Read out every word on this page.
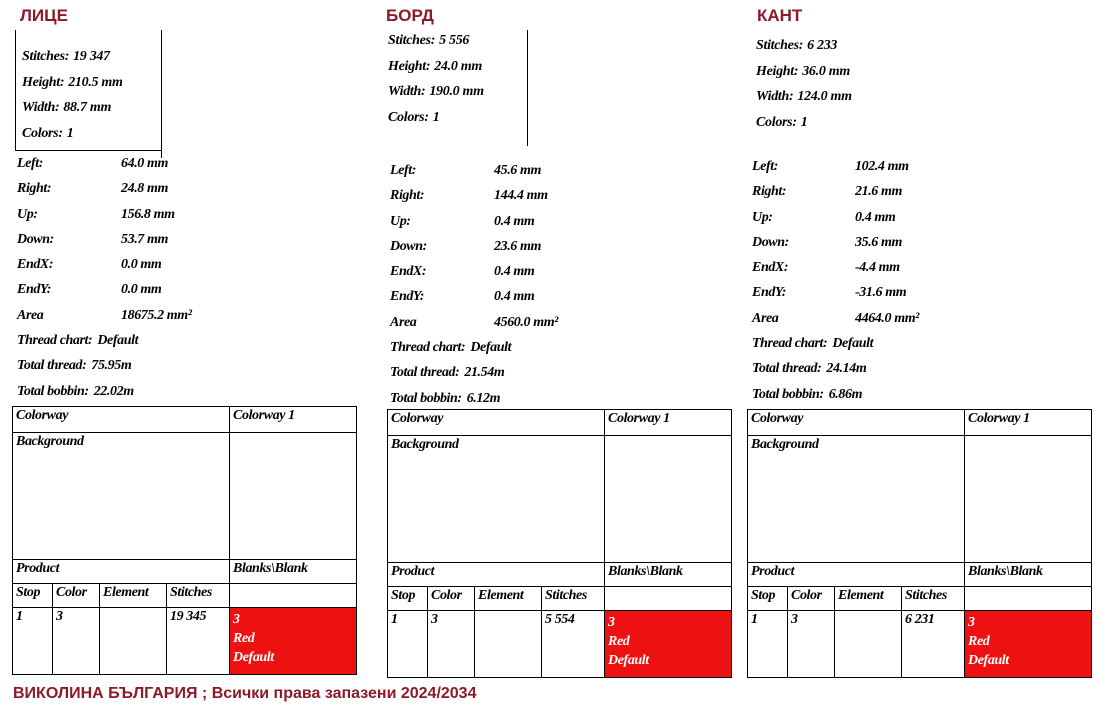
ЛИЦЕ
Stitches: 19 347
Height: 210.5 mm
Width: 88.7 mm
Colors: 1
Left:	64.0 mm
Right:	24.8 mm
Up:	156.8 mm
Down:	53.7 mm
EndX:	0.0 mm
EndY:	0.0 mm
Area	18675.2 mm²
Thread chart: Default
Total thread: 75.95m
Total bobbin: 22.02m
Colorway				Colorway 1
Background				
Product				Blanks\Blank
Stop	Color	Element	Stitches	
1	3		19 345	3
Red
Default
БОРД
Stitches: 5 556
Height: 24.0 mm
Width: 190.0 mm
Colors: 1
Left:	45.6 mm
Right:	144.4 mm
Up:	0.4 mm
Down:	23.6 mm
EndX:	0.4 mm
EndY:	0.4 mm
Area	4560.0 mm²
Thread chart: Default
Total thread: 21.54m
Total bobbin: 6.12m
Colorway				Colorway 1
Background				
Product				Blanks\Blank
Stop	Color	Element	Stitches	
1	3		5 554	3
Red
Default
КАНТ
Stitches: 6 233
Height: 36.0 mm
Width: 124.0 mm
Colors: 1
Left:	102.4 mm
Right:	21.6 mm
Up:	0.4 mm
Down:	35.6 mm
EndX:	-4.4 mm
EndY:	-31.6 mm
Area	4464.0 mm²
Thread chart: Default
Total thread: 24.14m
Total bobbin: 6.86m
Colorway				Colorway 1
Background				
Product				Blanks\Blank
Stop	Color	Element	Stitches	
1	3		6 231	3
Red
Default
ВИКОЛИНА БЪЛГАРИЯ ; Всички права запазени 2024/2034
